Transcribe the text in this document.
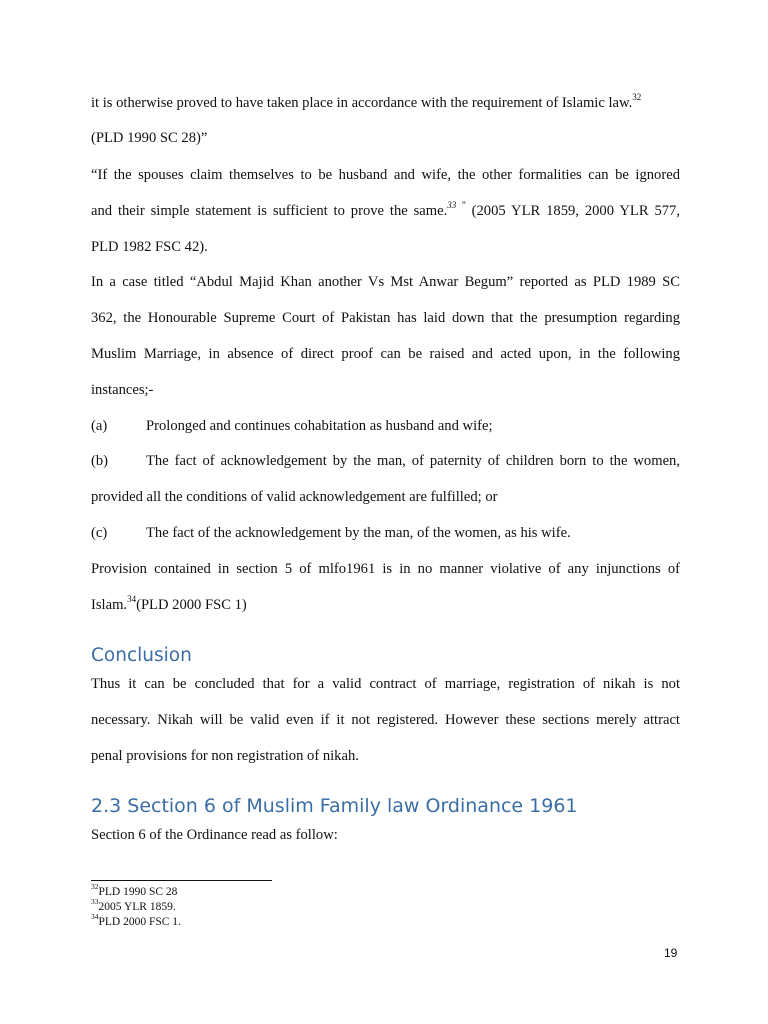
it is otherwise proved to have taken place in accordance with the requirement of Islamic law.$^{32}$
(PLD 1990 SC 28)”
“If the spouses claim themselves to be husband and wife, the other formalities can be ignored
and their simple statement is sufficient to prove the same.$^{33 ”}$ (2005 YLR 1859, 2000 YLR 577,
PLD 1982 FSC 42).
In a case titled “Abdul Majid Khan another Vs Mst Anwar Begum” reported as PLD 1989 SC
362, the Honourable Supreme Court of Pakistan has laid down that the presumption regarding
Muslim Marriage, in absence of direct proof can be raised and acted upon, in the following
instances;-
(a)	Prolonged and continues cohabitation as husband and wife;
(b)	The fact of acknowledgement by the man, of paternity of children born to the women,
provided all the conditions of valid acknowledgement are fulfilled; or
(c)	The fact of the acknowledgement by the man, of the women, as his wife.
Provision contained in section 5 of mlfo1961 is in no manner violative of any injunctions of
Islam.$^{34}$(PLD 2000 FSC 1)
Conclusion
Thus it can be concluded that for a valid contract of marriage, registration of nikah is not
necessary. Nikah will be valid even if it not registered. However these sections merely attract
penal provisions for non registration of nikah.
2.3 Section 6 of Muslim Family law Ordinance 1961
Section 6 of the Ordinance read as follow:
$^{32}$PLD 1990 SC 28
$^{33}$2005 YLR 1859.
$^{34}$PLD 2000 FSC 1.
19
